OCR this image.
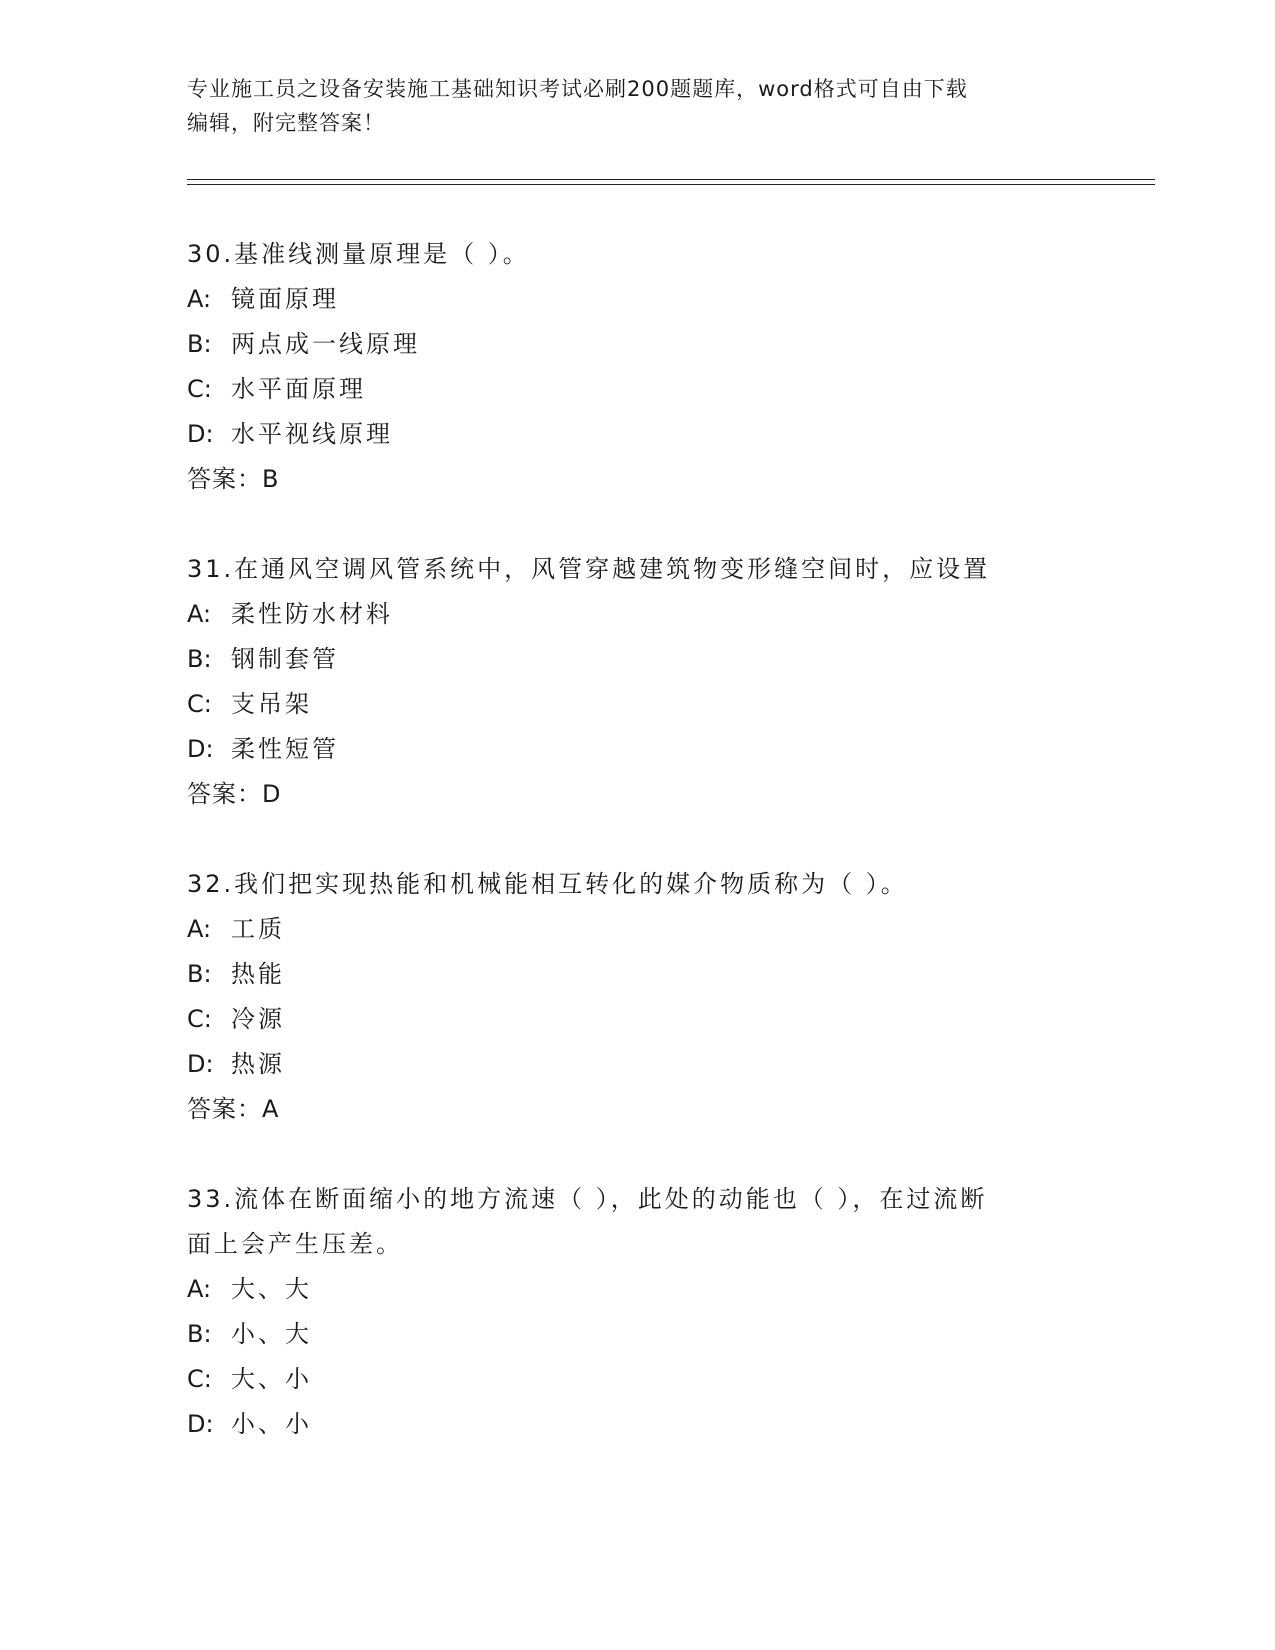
专业施工员之设备安装施工基础知识考试必刷200题题库，word格式可自由下载
编辑，附完整答案！

30.基准线测量原理是（ ）。

A: 镜面原理

B: 两点成一线原理

C: 水平面原理

D: 水平视线原理

答案：B

31.在通风空调风管系统中，风管穿越建筑物变形缝空间时，应设置

A: 柔性防水材料

B: 钢制套管

C: 支吊架

D: 柔性短管

答案：D

32.我们把实现热能和机械能相互转化的媒介物质称为（ ）。

A: 工质

B: 热能

C: 冷源

D: 热源

答案：A

33.流体在断面缩小的地方流速（ ），此处的动能也（ ），在过流断

面上会产生压差。

A: 大、大

B: 小、大

C: 大、小

D: 小、小
